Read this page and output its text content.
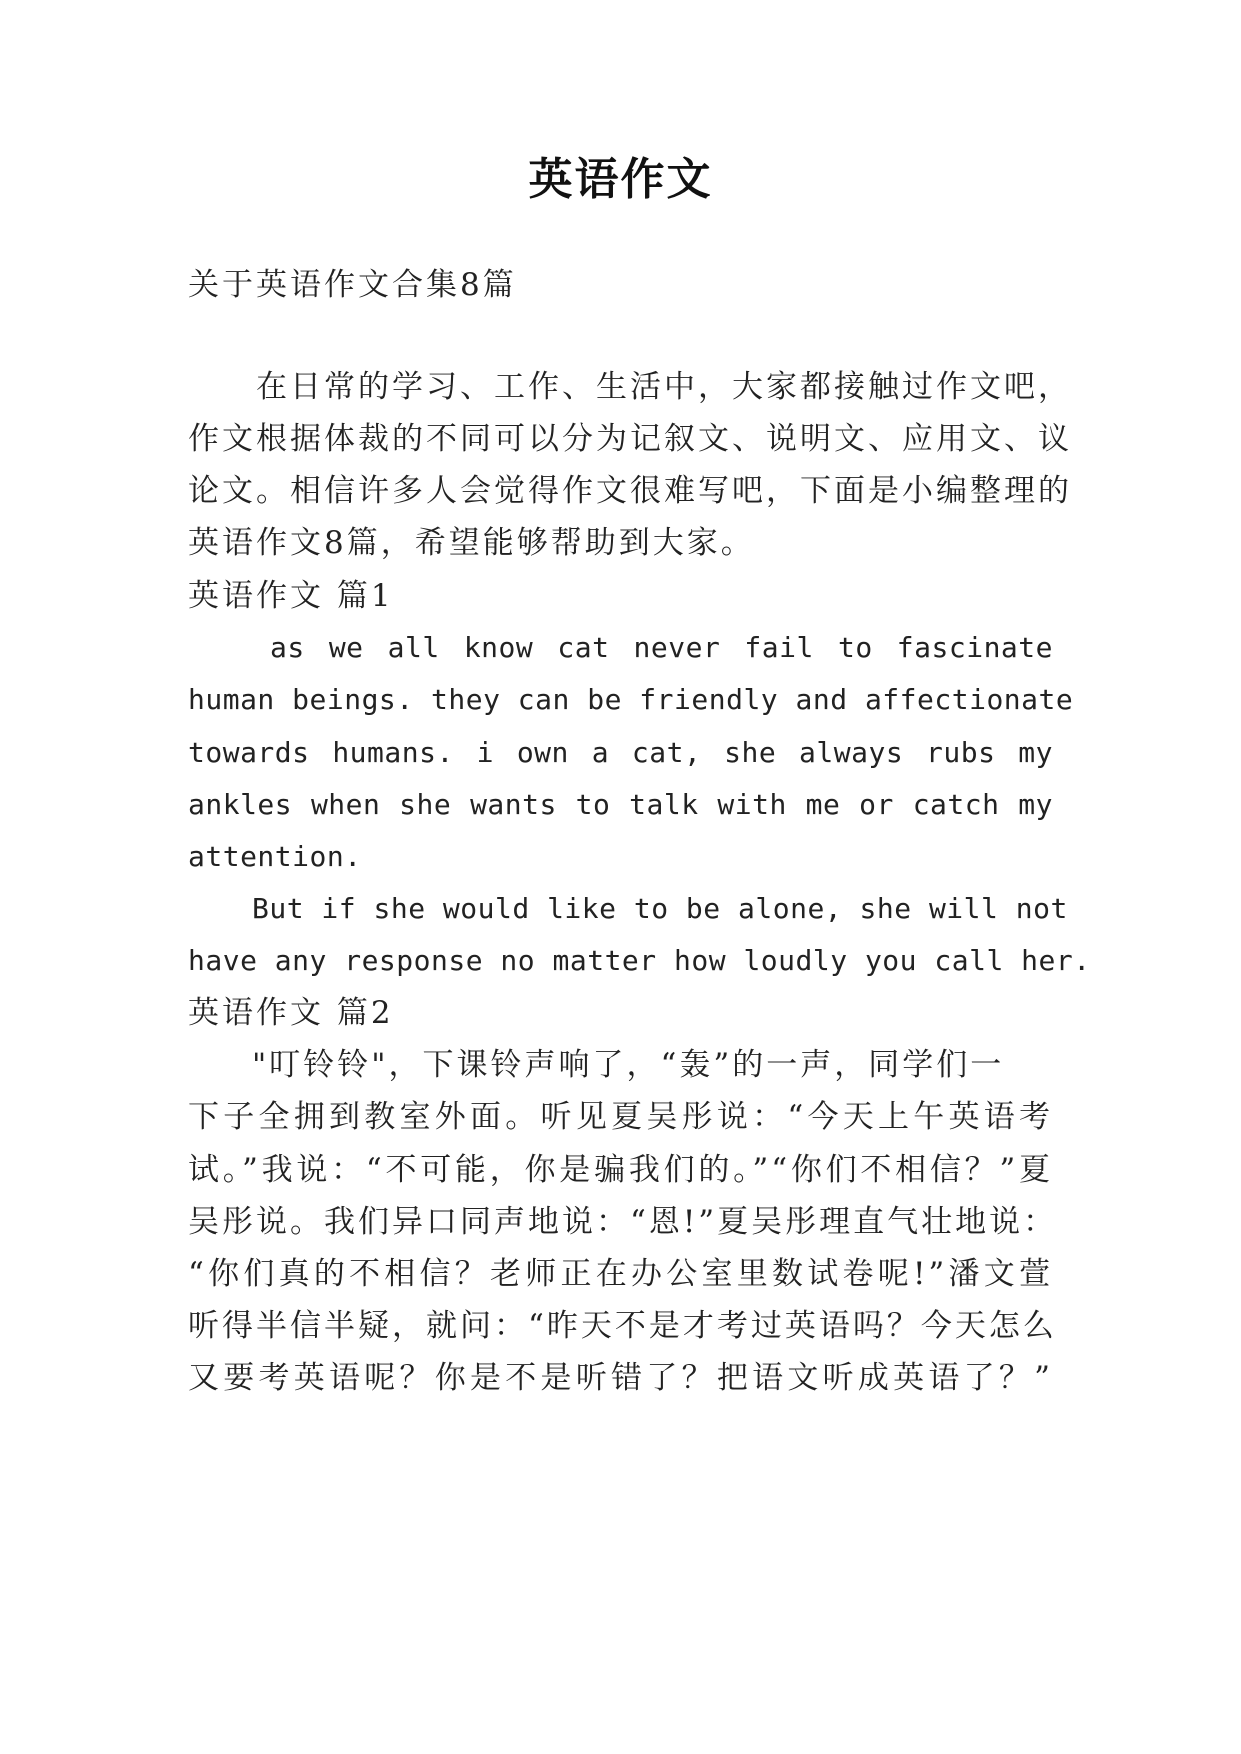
英语作文
关于英语作文合集8篇
在日常的学习、工作、生活中，大家都接触过作文吧，
作文根据体裁的不同可以分为记叙文、说明文、应用文、议
论文。相信许多人会觉得作文很难写吧，下面是小编整理的
英语作文8篇，希望能够帮助到大家。
英语作文 篇1
as we all know cat never fail to fascinate
human beings. they can be friendly and affectionate
towards humans. i own a cat, she always rubs my
ankles when she wants to talk with me or catch my
attention.
But if she would like to be alone, she will not
have any response no matter how loudly you call her.
英语作文 篇2
"叮铃铃"，下课铃声响了，“轰”的一声，同学们一
下子全拥到教室外面。听见夏吴彤说：“今天上午英语考
试。”我说：“不可能，你是骗我们的。”“你们不相信？”夏
吴彤说。我们异口同声地说：“恩!”夏吴彤理直气壮地说：
“你们真的不相信？老师正在办公室里数试卷呢!”潘文萱
听得半信半疑，就问：“昨天不是才考过英语吗？今天怎么
又要考英语呢？你是不是听错了？把语文听成英语了？”
